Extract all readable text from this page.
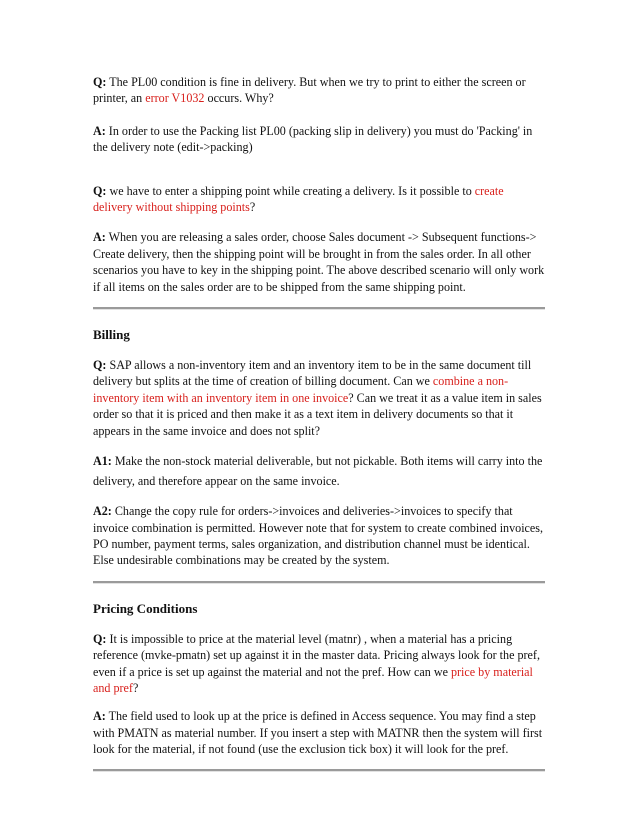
Q: The PL00 condition is fine in delivery. But when we try to print to either the screen or printer, an error V1032 occurs. Why?

A: In order to use the Packing list PL00 (packing slip in delivery) you must do 'Packing' in the delivery note (edit->packing)

Q: we have to enter a shipping point while creating a delivery. Is it possible to create delivery without shipping points?

A: When you are releasing a sales order, choose Sales document -> Subsequent functions-> Create delivery, then the shipping point will be brought in from the sales order. In all other scenarios you have to key in the shipping point. The above described scenario will only work if all items on the sales order are to be shipped from the same shipping point.

Billing

Q: SAP allows a non-inventory item and an inventory item to be in the same document till delivery but splits at the time of creation of billing document. Can we combine a non-inventory item with an inventory item in one invoice? Can we treat it as a value item in sales order so that it is priced and then make it as a text item in delivery documents so that it appears in the same invoice and does not split?

A1: Make the non-stock material deliverable, but not pickable. Both items will carry into the delivery, and therefore appear on the same invoice.

A2: Change the copy rule for orders->invoices and deliveries->invoices to specify that invoice combination is permitted. However note that for system to create combined invoices, PO number, payment terms, sales organization, and distribution channel must be identical. Else undesirable combinations may be created by the system.

Pricing Conditions

Q: It is impossible to price at the material level (matnr) , when a material has a pricing reference (mvke-pmatn) set up against it in the master data. Pricing always look for the pref, even if a price is set up against the material and not the pref. How can we price by material and pref?

A: The field used to look up at the price is defined in Access sequence. You may find a step with PMATN as material number. If you insert a step with MATNR then the system will first look for the material, if not found (use the exclusion tick box) it will look for the pref.
